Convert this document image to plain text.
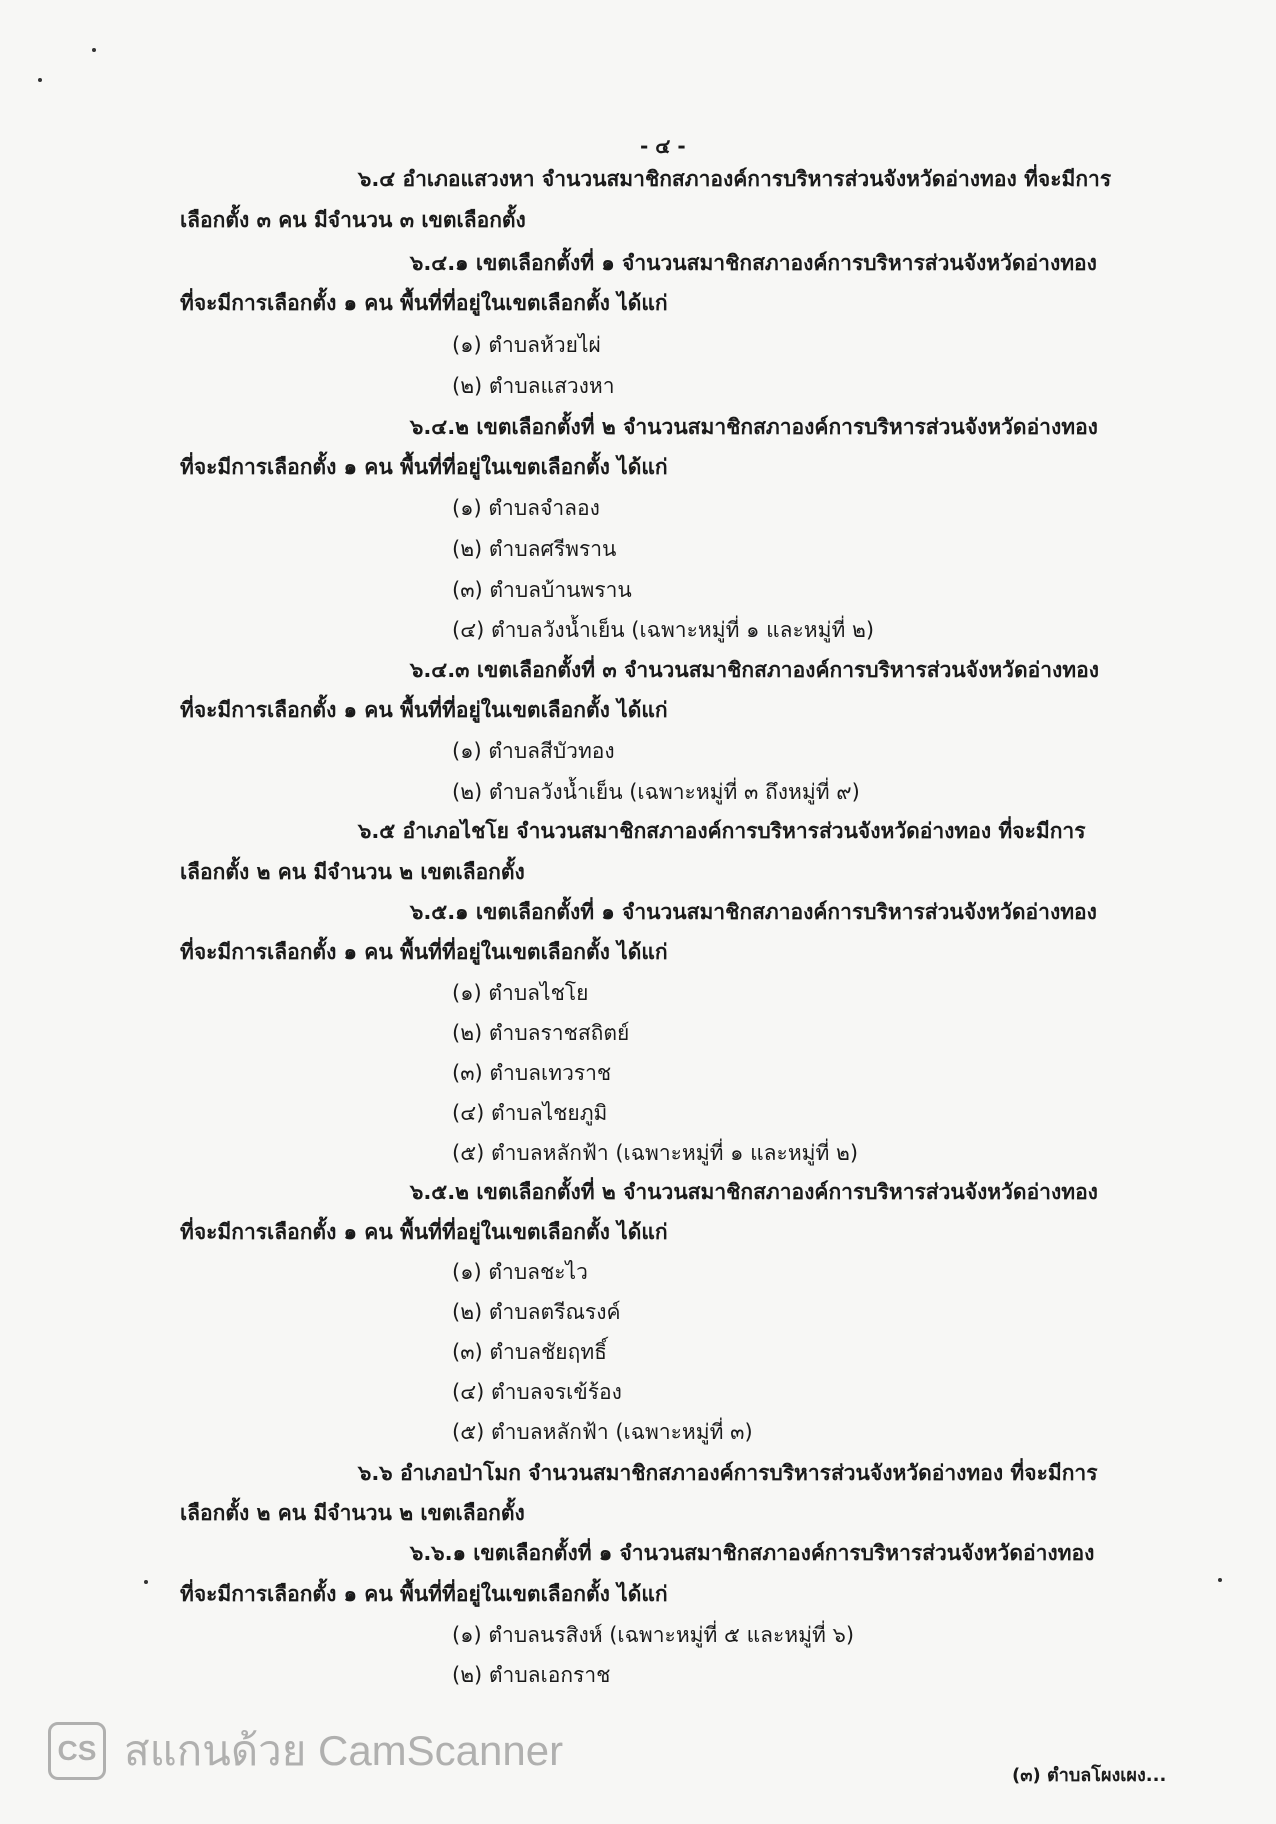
- ๔ -
๖.๔ อำเภอแสวงหา จำนวนสมาชิกสภาองค์การบริหารส่วนจังหวัดอ่างทอง ที่จะมีการ
เลือกตั้ง ๓ คน มีจำนวน ๓ เขตเลือกตั้ง
๖.๔.๑ เขตเลือกตั้งที่ ๑ จำนวนสมาชิกสภาองค์การบริหารส่วนจังหวัดอ่างทอง
ที่จะมีการเลือกตั้ง ๑ คน พื้นที่ที่อยู่ในเขตเลือกตั้ง ได้แก่
(๑) ตำบลห้วยไผ่
(๒) ตำบลแสวงหา
๖.๔.๒ เขตเลือกตั้งที่ ๒ จำนวนสมาชิกสภาองค์การบริหารส่วนจังหวัดอ่างทอง
ที่จะมีการเลือกตั้ง ๑ คน พื้นที่ที่อยู่ในเขตเลือกตั้ง ได้แก่
(๑) ตำบลจำลอง
(๒) ตำบลศรีพราน
(๓) ตำบลบ้านพราน
(๔) ตำบลวังน้ำเย็น (เฉพาะหมู่ที่ ๑ และหมู่ที่ ๒)
๖.๔.๓ เขตเลือกตั้งที่ ๓ จำนวนสมาชิกสภาองค์การบริหารส่วนจังหวัดอ่างทอง
ที่จะมีการเลือกตั้ง ๑ คน พื้นที่ที่อยู่ในเขตเลือกตั้ง ได้แก่
(๑) ตำบลสีบัวทอง
(๒) ตำบลวังน้ำเย็น (เฉพาะหมู่ที่ ๓ ถึงหมู่ที่ ๙)
๖.๕ อำเภอไชโย จำนวนสมาชิกสภาองค์การบริหารส่วนจังหวัดอ่างทอง ที่จะมีการ
เลือกตั้ง ๒ คน มีจำนวน ๒ เขตเลือกตั้ง
๖.๕.๑ เขตเลือกตั้งที่ ๑ จำนวนสมาชิกสภาองค์การบริหารส่วนจังหวัดอ่างทอง
ที่จะมีการเลือกตั้ง ๑ คน พื้นที่ที่อยู่ในเขตเลือกตั้ง ได้แก่
(๑) ตำบลไชโย
(๒) ตำบลราชสถิตย์
(๓) ตำบลเทวราช
(๔) ตำบลไชยภูมิ
(๕) ตำบลหลักฟ้า (เฉพาะหมู่ที่ ๑ และหมู่ที่ ๒)
๖.๕.๒ เขตเลือกตั้งที่ ๒ จำนวนสมาชิกสภาองค์การบริหารส่วนจังหวัดอ่างทอง
ที่จะมีการเลือกตั้ง ๑ คน พื้นที่ที่อยู่ในเขตเลือกตั้ง ได้แก่
(๑) ตำบลชะไว
(๒) ตำบลตรีณรงค์
(๓) ตำบลชัยฤทธิ์
(๔) ตำบลจรเข้ร้อง
(๕) ตำบลหลักฟ้า (เฉพาะหมู่ที่ ๓)
๖.๖ อำเภอป่าโมก จำนวนสมาชิกสภาองค์การบริหารส่วนจังหวัดอ่างทอง ที่จะมีการ
เลือกตั้ง ๒ คน มีจำนวน ๒ เขตเลือกตั้ง
๖.๖.๑ เขตเลือกตั้งที่ ๑ จำนวนสมาชิกสภาองค์การบริหารส่วนจังหวัดอ่างทอง
ที่จะมีการเลือกตั้ง ๑ คน พื้นที่ที่อยู่ในเขตเลือกตั้ง ได้แก่
(๑) ตำบลนรสิงห์ (เฉพาะหมู่ที่ ๕ และหมู่ที่ ๖)
(๒) ตำบลเอกราช
CS สแกนด้วย CamScanner
(๓) ตำบลโผงเผง...
